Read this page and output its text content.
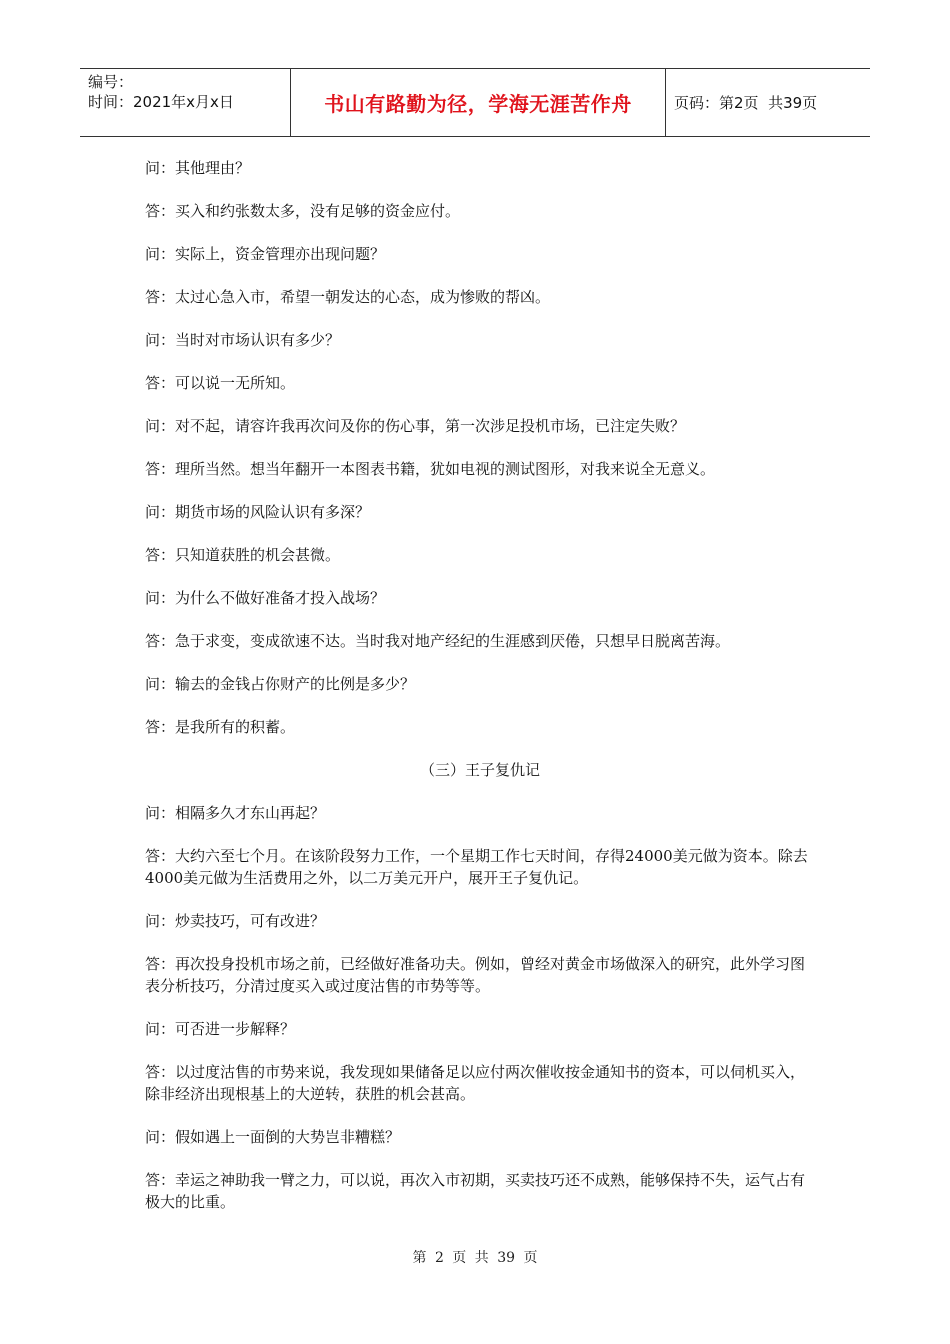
编号：
时间：2021年x月x日	书山有路勤为径，学海无涯苦作舟	页码：第2页  共39页

问：其他理由？

答：买入和约张数太多，没有足够的资金应付。

问：实际上，资金管理亦出现问题？

答：太过心急入市，希望一朝发达的心态，成为惨败的帮凶。

问：当时对市场认识有多少？

答：可以说一无所知。

问：对不起，请容许我再次问及你的伤心事，第一次涉足投机市场，已注定失败？

答：理所当然。想当年翻开一本图表书籍，犹如电视的测试图形，对我来说全无意义。

问：期货市场的风险认识有多深？

答：只知道获胜的机会甚微。

问：为什么不做好准备才投入战场？

答：急于求变，变成欲速不达。当时我对地产经纪的生涯感到厌倦，只想早日脱离苦海。

问：输去的金钱占你财产的比例是多少？

答：是我所有的积蓄。

（三）王子复仇记

问：相隔多久才东山再起？

答：大约六至七个月。在该阶段努力工作，一个星期工作七天时间，存得24000美元做为资本。除去4000美元做为生活费用之外，以二万美元开户，展开王子复仇记。

问：炒卖技巧，可有改进？

答：再次投身投机市场之前，已经做好准备功夫。例如，曾经对黄金市场做深入的研究，此外学习图表分析技巧，分清过度买入或过度沽售的市势等等。

问：可否进一步解释？

答：以过度沽售的市势来说，我发现如果储备足以应付两次催收按金通知书的资本，可以伺机买入，除非经济出现根基上的大逆转，获胜的机会甚高。

问：假如遇上一面倒的大势岂非糟糕？

答：幸运之神助我一臂之力，可以说，再次入市初期，买卖技巧还不成熟，能够保持不失，运气占有极大的比重。

第 2 页 共 39 页
